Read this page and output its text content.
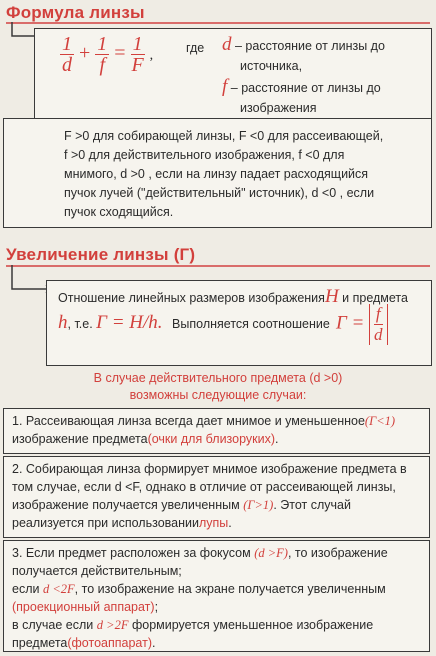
Формула линзы
$\frac{1}{d} + \frac{1}{f} = \frac{1}{F}$ ,
где d – расстояние от линзы до
источника,
f – расстояние от линзы до
изображения
F >0 для собирающей линзы, F <0 для рассеивающей,
f >0 для действительного изображения, f <0 для
мнимого, d >0 , если на линзу падает расходящийся
пучок лучей ("действительный" источник), d <0 , если
пучок сходящийся.
Увеличение линзы (Г)
Отношение линейных размеров изображенияH и предмета
h, т.е. Γ = H/h. Выполняется соотношение $\Gamma = \frac{f}{d}$
В случае действительного предмета (d >0)
возможны следующие случаи:
1. Рассеивающая линза всегда дает мнимое и уменьшенное(Γ<1)
изображение предмета(очки для близоруких).
2. Собирающая линза формирует мнимое изображение предмета в
том случае, если d <F, однако в отличие от рассеивающей линзы,
изображение получается увеличенным (Γ>1). Этот случай
реализуется при использованиилупы.
3. Если предмет расположен за фокусом (d >F), то изображение
получается действительным;
если d <2F, то изображение на экране получается увеличенным
(проекционный аппарат);
в случае если d >2F формируется уменьшенное изображение
предмета(фотоаппарат).
